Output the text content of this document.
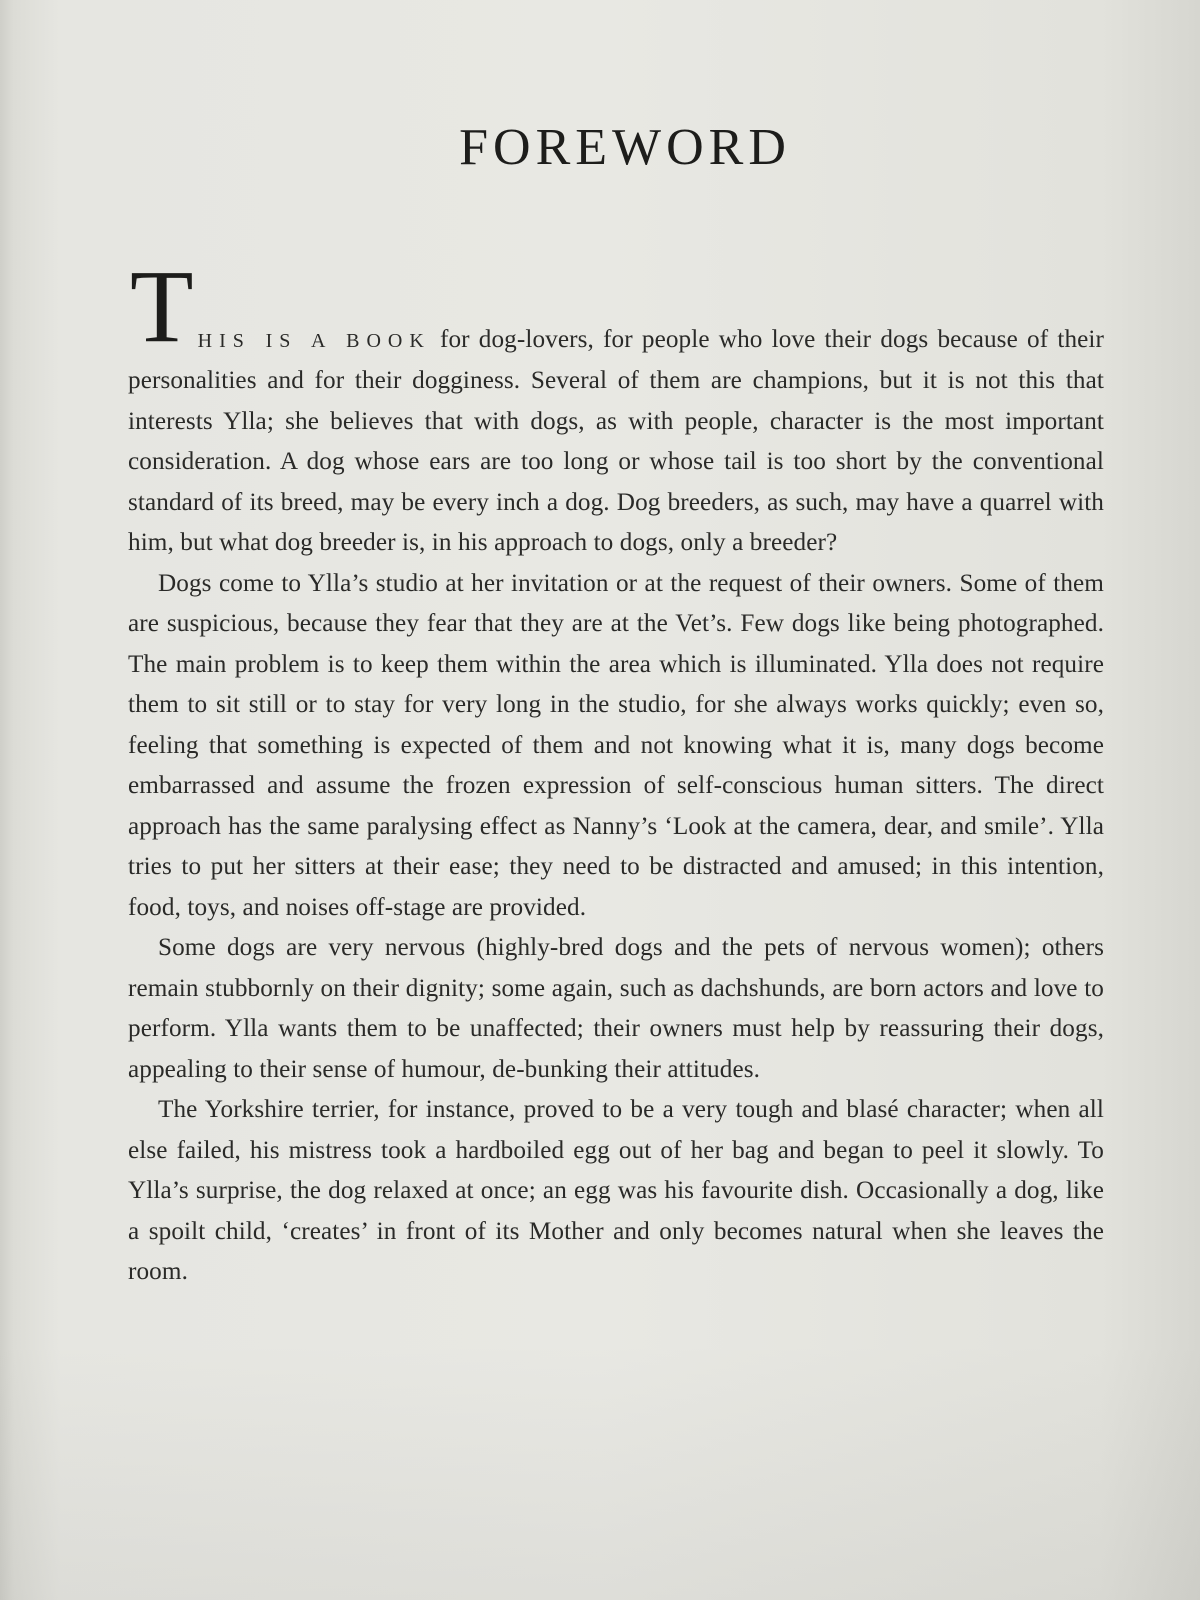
FOREWORD

THIS IS A BOOK for dog-lovers, for people who love their dogs because of their personalities and for their dogginess. Several of them are champions, but it is not this that interests Ylla; she believes that with dogs, as with people, character is the most important consideration. A dog whose ears are too long or whose tail is too short by the conventional standard of its breed, may be every inch a dog. Dog breeders, as such, may have a quarrel with him, but what dog breeder is, in his approach to dogs, only a breeder?

Dogs come to Ylla’s studio at her invitation or at the request of their owners. Some of them are suspicious, because they fear that they are at the Vet’s. Few dogs like being photographed. The main problem is to keep them within the area which is illuminated. Ylla does not require them to sit still or to stay for very long in the studio, for she always works quickly; even so, feeling that something is expected of them and not knowing what it is, many dogs become embarrassed and assume the frozen expression of self-conscious human sitters. The direct approach has the same paralysing effect as Nanny’s ‘Look at the camera, dear, and smile’. Ylla tries to put her sitters at their ease; they need to be distracted and amused; in this intention, food, toys, and noises off-stage are provided.

Some dogs are very nervous (highly-bred dogs and the pets of nervous women); others remain stubbornly on their dignity; some again, such as dachshunds, are born actors and love to perform. Ylla wants them to be unaffected; their owners must help by reassuring their dogs, appealing to their sense of humour, de-bunking their attitudes.

The Yorkshire terrier, for instance, proved to be a very tough and blasé character; when all else failed, his mistress took a hardboiled egg out of her bag and began to peel it slowly. To Ylla’s surprise, the dog relaxed at once; an egg was his favourite dish. Occasionally a dog, like a spoilt child, ‘creates’ in front of its Mother and only becomes natural when she leaves the room.
